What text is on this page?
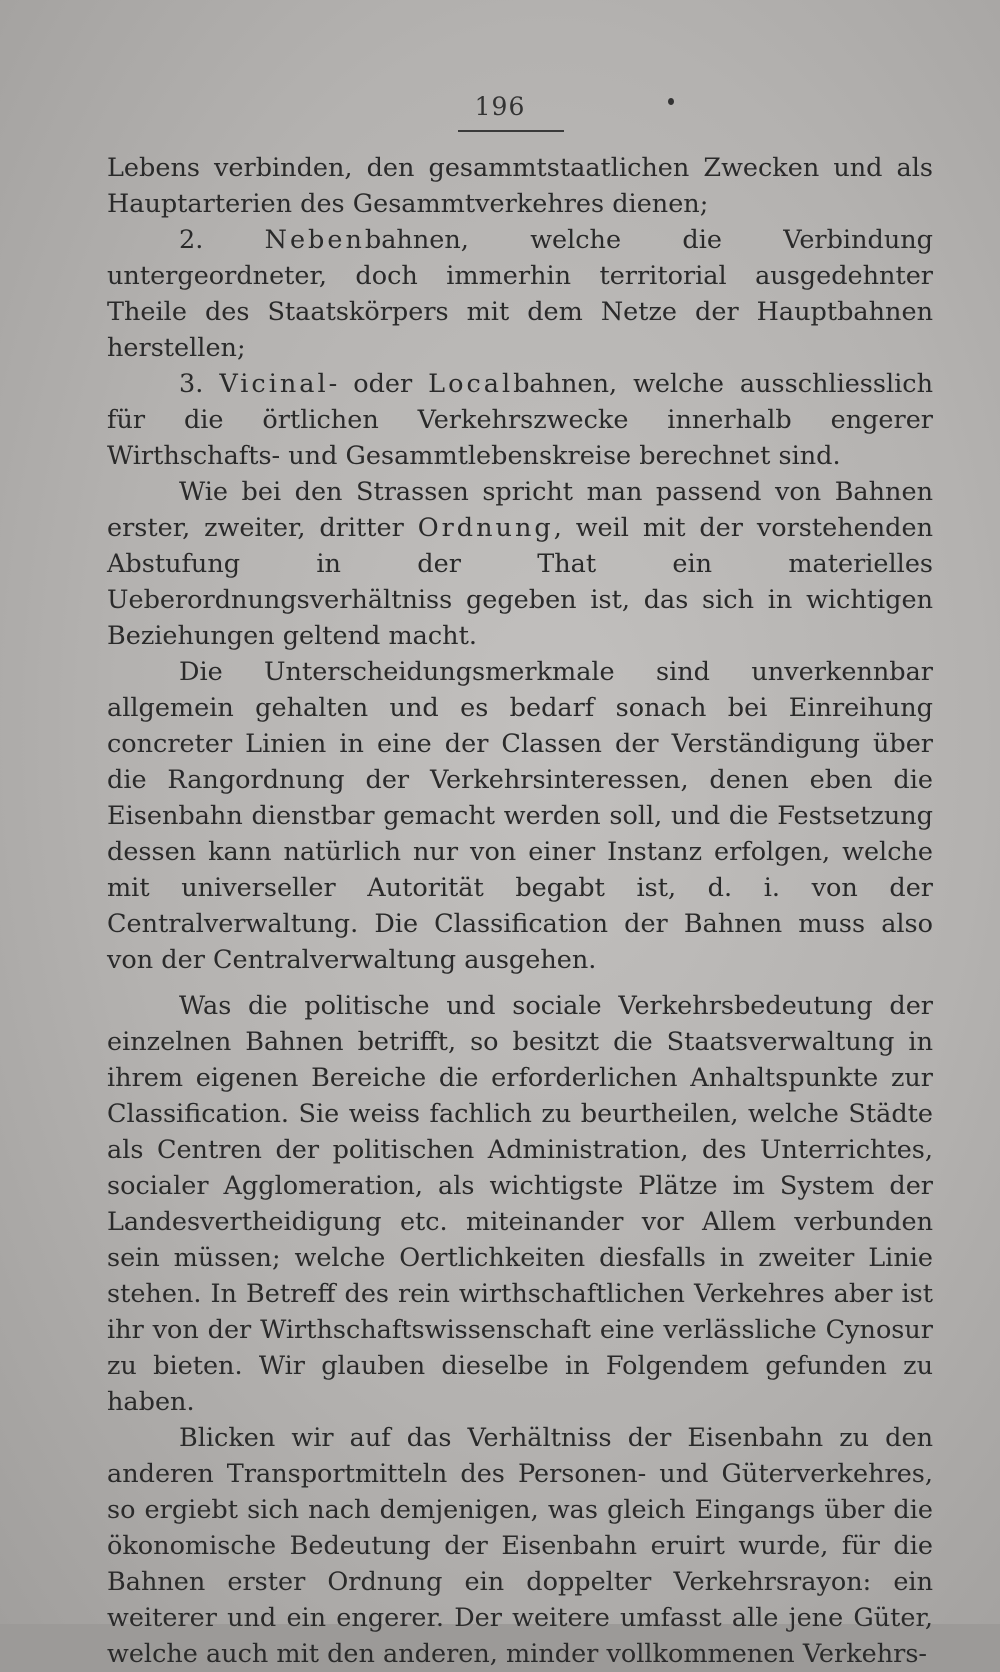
196

Lebens verbinden, den gesammtstaatlichen Zwecken und als Hauptarterien des Gesammtverkehres dienen;

2. Nebenbahnen, welche die Verbindung untergeordneter, doch immerhin territorial ausgedehnter Theile des Staatskörpers mit dem Netze der Hauptbahnen herstellen;

3. Vicinal- oder Localbahnen, welche ausschliesslich für die örtlichen Verkehrszwecke innerhalb engerer Wirthschafts- und Gesammtlebenskreise berechnet sind.

Wie bei den Strassen spricht man passend von Bahnen erster, zweiter, dritter Ordnung, weil mit der vorstehenden Abstufung in der That ein materielles Ueberordnungsverhältniss gegeben ist, das sich in wichtigen Beziehungen geltend macht.

Die Unterscheidungsmerkmale sind unverkennbar allgemein gehalten und es bedarf sonach bei Einreihung concreter Linien in eine der Classen der Verständigung über die Rangordnung der Verkehrsinteressen, denen eben die Eisenbahn dienstbar gemacht werden soll, und die Festsetzung dessen kann natürlich nur von einer Instanz erfolgen, welche mit universeller Autorität begabt ist, d. i. von der Centralverwaltung. Die Classification der Bahnen muss also von der Centralverwaltung ausgehen.

Was die politische und sociale Verkehrsbedeutung der einzelnen Bahnen betrifft, so besitzt die Staatsverwaltung in ihrem eigenen Bereiche die erforderlichen Anhaltspunkte zur Classification. Sie weiss fachlich zu beurtheilen, welche Städte als Centren der politischen Administration, des Unterrichtes, socialer Agglomeration, als wichtigste Plätze im System der Landesvertheidigung etc. miteinander vor Allem verbunden sein müssen; welche Oertlichkeiten diesfalls in zweiter Linie stehen. In Betreff des rein wirthschaftlichen Verkehres aber ist ihr von der Wirthschaftswissenschaft eine verlässliche Cynosur zu bieten. Wir glauben dieselbe in Folgendem gefunden zu haben.

Blicken wir auf das Verhältniss der Eisenbahn zu den anderen Transportmitteln des Personen- und Güterverkehres, so ergiebt sich nach demjenigen, was gleich Eingangs über die ökonomische Bedeutung der Eisenbahn eruirt wurde, für die Bahnen erster Ordnung ein doppelter Verkehrsrayon: ein weiterer und ein engerer. Der weitere umfasst alle jene Güter, welche auch mit den anderen, minder vollkommenen Verkehrs-
